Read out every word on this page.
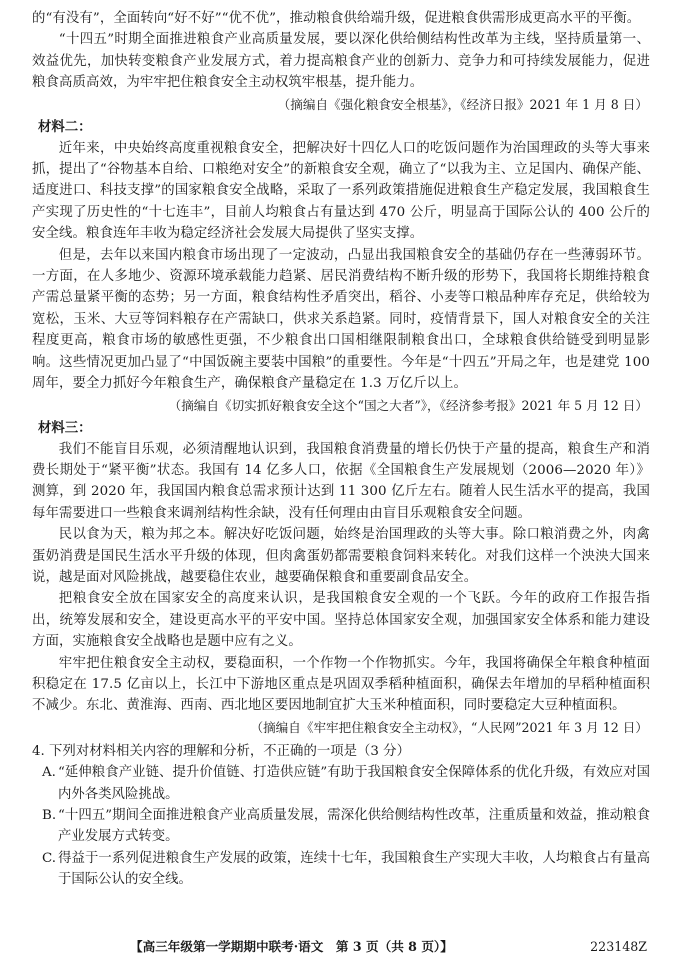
的“有没有”，全面转向“好不好”“优不优”，推动粮食供给端升级，促进粮食供需形成更高水平的平衡。

“十四五”时期全面推进粮食产业高质量发展，要以深化供给侧结构性改革为主线，坚持质量第一、效益优先，加快转变粮食产业发展方式，着力提高粮食产业的创新力、竞争力和可持续发展能力，促进粮食高质高效，为牢牢把住粮食安全主动权筑牢根基，提升能力。

（摘编自《强化粮食安全根基》，《经济日报》2021 年 1 月 8 日）

材料二：

近年来，中央始终高度重视粮食安全，把解决好十四亿人口的吃饭问题作为治国理政的头等大事来抓，提出了“谷物基本自给、口粮绝对安全”的新粮食安全观，确立了“以我为主、立足国内、确保产能、适度进口、科技支撑”的国家粮食安全战略，采取了一系列政策措施促进粮食生产稳定发展，我国粮食生产实现了历史性的“十七连丰”，目前人均粮食占有量达到 470 公斤，明显高于国际公认的 400 公斤的安全线。粮食连年丰收为稳定经济社会发展大局提供了坚实支撑。

但是，去年以来国内粮食市场出现了一定波动，凸显出我国粮食安全的基础仍存在一些薄弱环节。一方面，在人多地少、资源环境承载能力趋紧、居民消费结构不断升级的形势下，我国将长期维持粮食产需总量紧平衡的态势；另一方面，粮食结构性矛盾突出，稻谷、小麦等口粮品种库存充足，供给较为宽松，玉米、大豆等饲料粮存在产需缺口，供求关系趋紧。同时，疫情背景下，国人对粮食安全的关注程度更高，粮食市场的敏感性更强，不少粮食出口国相继限制粮食出口，全球粮食供给链受到明显影响。这些情况更加凸显了“中国饭碗主要装中国粮”的重要性。今年是“十四五”开局之年，也是建党 100 周年，要全力抓好今年粮食生产，确保粮食产量稳定在 1.3 万亿斤以上。

（摘编自《切实抓好粮食安全这个“国之大者”》，《经济参考报》2021 年 5 月 12 日）

材料三：

我们不能盲目乐观，必须清醒地认识到，我国粮食消费量的增长仍快于产量的提高，粮食生产和消费长期处于“紧平衡”状态。我国有 14 亿多人口，依据《全国粮食生产发展规划（2006—2020 年）》测算，到 2020 年，我国国内粮食总需求预计达到 11 300 亿斤左右。随着人民生活水平的提高，我国每年需要进口一些粮食来调剂结构性余缺，没有任何理由由盲目乐观粮食安全问题。

民以食为天，粮为邦之本。解决好吃饭问题，始终是治国理政的头等大事。除口粮消费之外，肉禽蛋奶消费是国民生活水平升级的体现，但肉禽蛋奶都需要粮食饲料来转化。对我们这样一个泱泱大国来说，越是面对风险挑战，越要稳住农业，越要确保粮食和重要副食品安全。

把粮食安全放在国家安全的高度来认识，是我国粮食安全观的一个飞跃。今年的政府工作报告指出，统筹发展和安全，建设更高水平的平安中国。坚持总体国家安全观，加强国家安全体系和能力建设方面，实施粮食安全战略也是题中应有之义。

牢牢把住粮食安全主动权，要稳面积，一个作物一个作物抓实。今年，我国将确保全年粮食种植面积稳定在 17.5 亿亩以上，长江中下游地区重点是巩固双季稻种植面积，确保去年增加的早稻种植面积不减少。东北、黄淮海、西南、西北地区要因地制宜扩大玉米种植面积，同时要稳定大豆种植面积。

（摘编自《牢牢把住粮食安全主动权》，“人民网”2021 年 3 月 12 日）

4. 下列对材料相关内容的理解和分析，不正确的一项是（3 分）

A. “延伸粮食产业链、提升价值链、打造供应链”有助于我国粮食安全保障体系的优化升级，有效应对国内外各类风险挑战。

B. “十四五”期间全面推进粮食产业高质量发展，需深化供给侧结构性改革，注重质量和效益，推动粮食产业发展方式转变。

C. 得益于一系列促进粮食生产发展的政策，连续十七年，我国粮食生产实现大丰收，人均粮食占有量高于国际公认的安全线。

【高三年级第一学期期中联考·语文　第 3 页（共 8 页）】	223148Z
